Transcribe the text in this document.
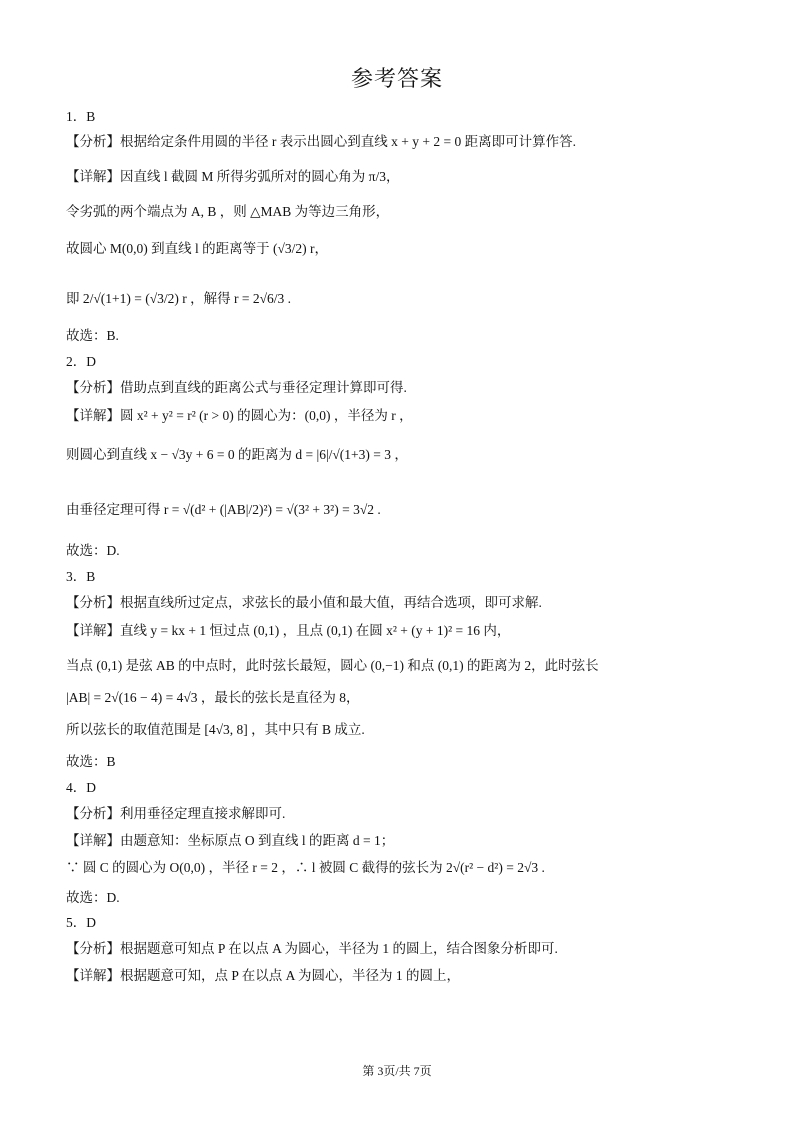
参考答案
1．B
【分析】根据给定条件用圆的半径 r 表示出圆心到直线 x + y + 2 = 0 距离即可计算作答.
【详解】因直线 l 截圆 M 所得劣弧所对的圆心角为 π/3，
令劣弧的两个端点为 A, B ，则 △MAB 为等边三角形，
故圆心 M(0,0) 到直线 l 的距离等于 (√3/2) r，
即 2/√(1+1) = (√3/2) r ，解得 r = 2√6/3 .
故选：B.
2．D
【分析】借助点到直线的距离公式与垂径定理计算即可得.
【详解】圆 x² + y² = r² (r > 0) 的圆心为：(0,0) ，半径为 r ，
则圆心到直线 x − √3y + 6 = 0 的距离为 d = |6|/√(1+3) = 3 ，
由垂径定理可得 r = √(d² + (|AB|/2)²) = √(3² + 3²) = 3√2 .
故选：D.
3．B
【分析】根据直线所过定点，求弦长的最小值和最大值，再结合选项，即可求解.
【详解】直线 y = kx + 1 恒过点 (0,1) ，且点 (0,1) 在圆 x² + (y + 1)² = 16 内，
当点 (0,1) 是弦 AB 的中点时，此时弦长最短，圆心 (0,−1) 和点 (0,1) 的距离为 2，此时弦长
|AB| = 2√(16 − 4) = 4√3 ，最长的弦长是直径为 8，
所以弦长的取值范围是 [4√3, 8] ，其中只有 B 成立.
故选：B
4．D
【分析】利用垂径定理直接求解即可.
【详解】由题意知：坐标原点 O 到直线 l 的距离 d = 1；
∵ 圆 C 的圆心为 O(0,0) ，半径 r = 2 ，∴ l 被圆 C 截得的弦长为 2√(r² − d²) = 2√3 .
故选：D.
5．D
【分析】根据题意可知点 P 在以点 A 为圆心，半径为 1 的圆上，结合图象分析即可.
【详解】根据题意可知，点 P 在以点 A 为圆心，半径为 1 的圆上，
第 3页/共 7页
